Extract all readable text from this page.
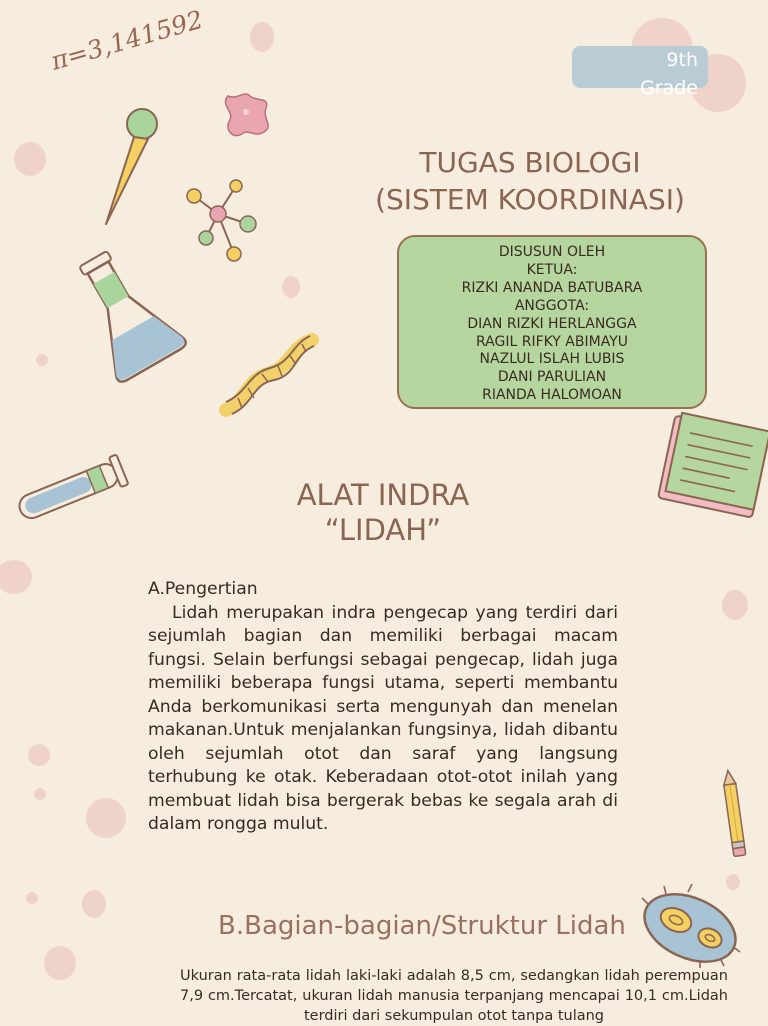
π=3,141592	9th Grade
TUGAS BIOLOGI
(SISTEM KOORDINASI)
DISUSUN OLEH
KETUA:
RIZKI ANANDA BATUBARA
ANGGOTA:
DIAN RIZKI HERLANGGA
RAGIL RIFKY ABIMAYU
NAZLUL ISLAH LUBIS
DANI PARULIAN
RIANDA HALOMOAN
ALAT INDRA
“LIDAH”
A.Pengertian
Lidah merupakan indra pengecap yang terdiri dari sejumlah bagian dan memiliki berbagai macam fungsi. Selain berfungsi sebagai pengecap, lidah juga memiliki beberapa fungsi utama, seperti membantu Anda berkomunikasi serta mengunyah dan menelan makanan.Untuk menjalankan fungsinya, lidah dibantu oleh sejumlah otot dan saraf yang langsung terhubung ke otak. Keberadaan otot-otot inilah yang membuat lidah bisa bergerak bebas ke segala arah di dalam rongga mulut.
B.Bagian-bagian/Struktur Lidah
Ukuran rata-rata lidah laki-laki adalah 8,5 cm, sedangkan lidah perempuan 7,9 cm.Tercatat, ukuran lidah manusia terpanjang mencapai 10,1 cm.Lidah terdiri dari sekumpulan otot tanpa tulang
